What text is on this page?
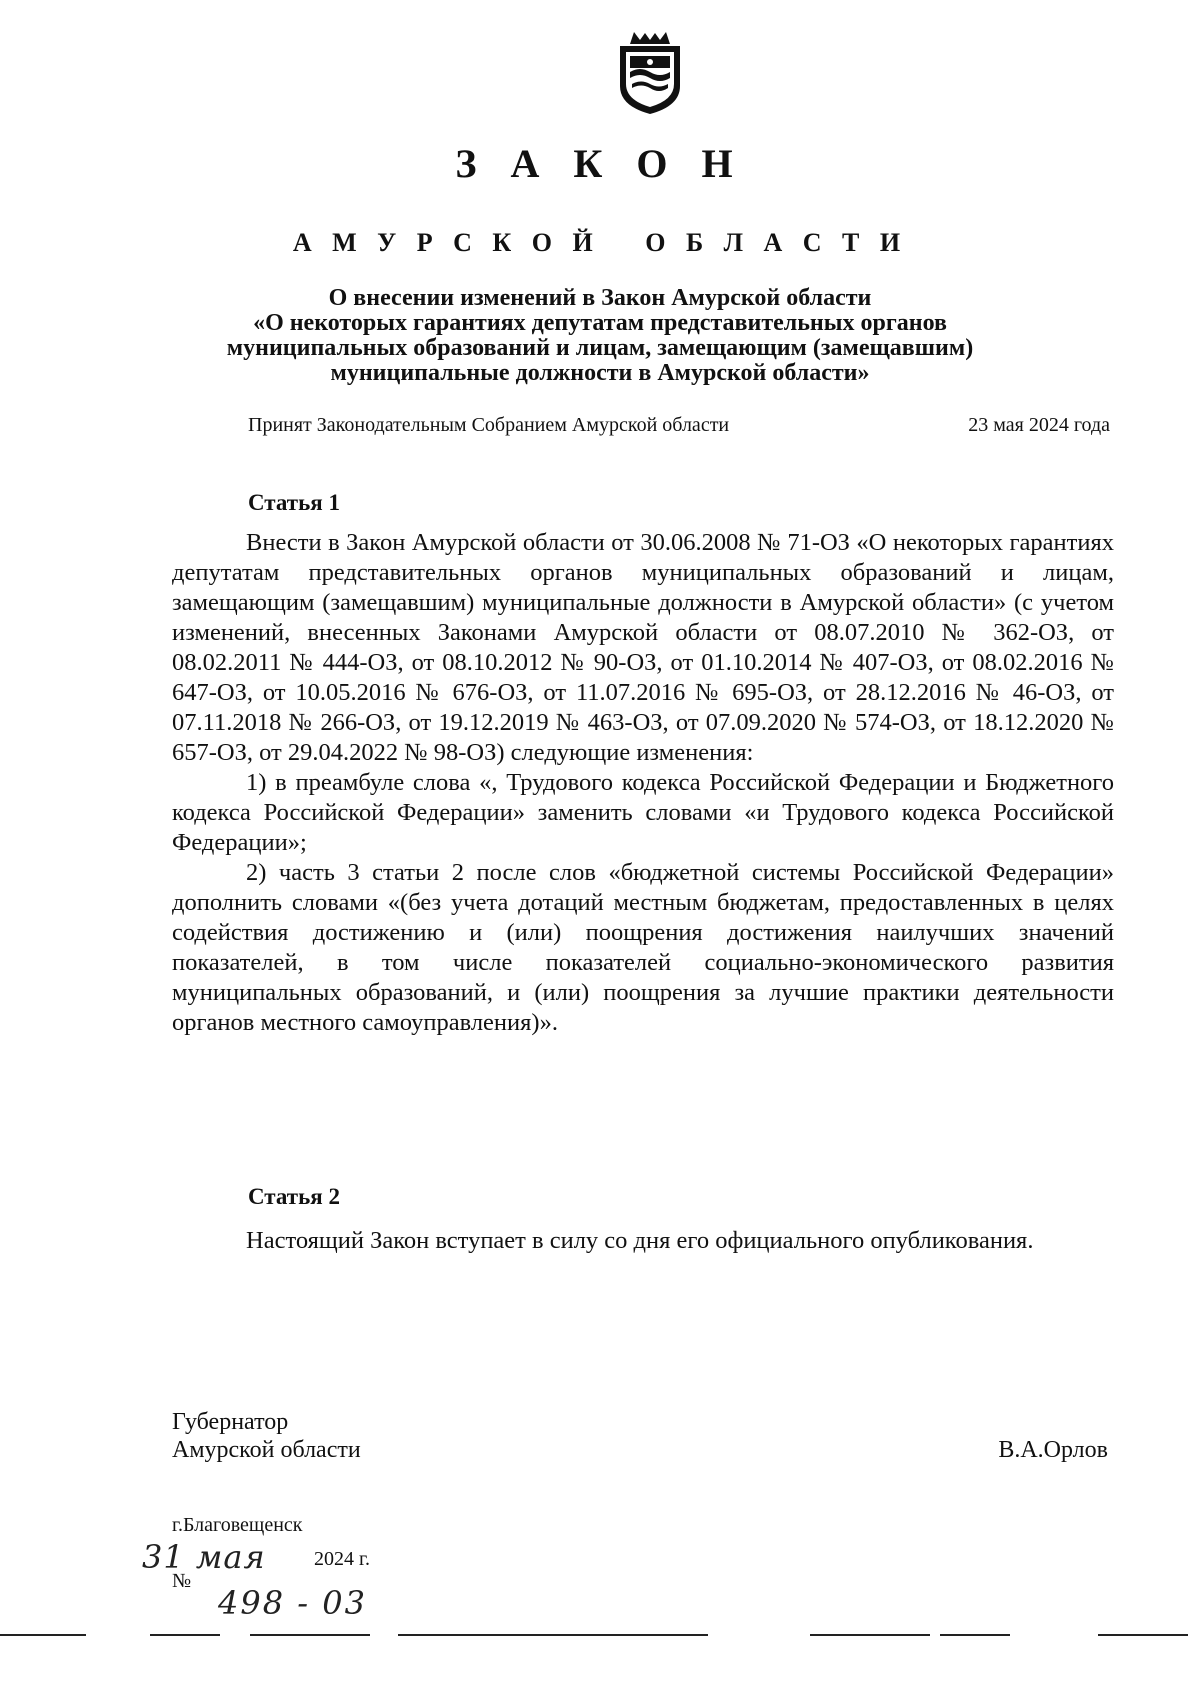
З А К О Н
А М У Р С К О Й О Б Л А С Т И
О внесении изменений в Закон Амурской области
«О некоторых гарантиях депутатам представительных органов
муниципальных образований и лицам, замещающим (замещавшим)
муниципальные должности в Амурской области»
Принят Законодательным Собранием Амурской области	23 мая 2024 года
Статья 1

Внести в Закон Амурской области от 30.06.2008 № 71-ОЗ «О некоторых гарантиях депутатам представительных органов муниципальных образований и лицам, замещающим (замещавшим) муниципальные должности в Амурской области» (с учетом изменений, внесенных Законами Амурской области от 08.07.2010 № 362-ОЗ, от 08.02.2011 № 444-ОЗ, от 08.10.2012 № 90-ОЗ, от 01.10.2014 № 407-ОЗ, от 08.02.2016 № 647-ОЗ, от 10.05.2016 № 676-ОЗ, от 11.07.2016 № 695-ОЗ, от 28.12.2016 № 46-ОЗ, от 07.11.2018 № 266-ОЗ, от 19.12.2019 № 463-ОЗ, от 07.09.2020 № 574-ОЗ, от 18.12.2020 № 657-ОЗ, от 29.04.2022 № 98-ОЗ) следующие изменения:

1) в преамбуле слова «, Трудового кодекса Российской Федерации и Бюджетного кодекса Российской Федерации» заменить словами «и Трудового кодекса Российской Федерации»;

2) часть 3 статьи 2 после слов «бюджетной системы Российской Федерации» дополнить словами «(без учета дотаций местным бюджетам, предоставленных в целях содействия достижению и (или) поощрения достижения наилучших значений показателей, в том числе показателей социально-экономического развития муниципальных образований, и (или) поощрения за лучшие практики деятельности органов местного самоуправления)».

Статья 2

Настоящий Закон вступает в силу со дня его официального опубликования.

Губернатор
Амурской области	В.А.Орлов
г.Благовещенск
31 мая 2024 г.
№
498 - 03
